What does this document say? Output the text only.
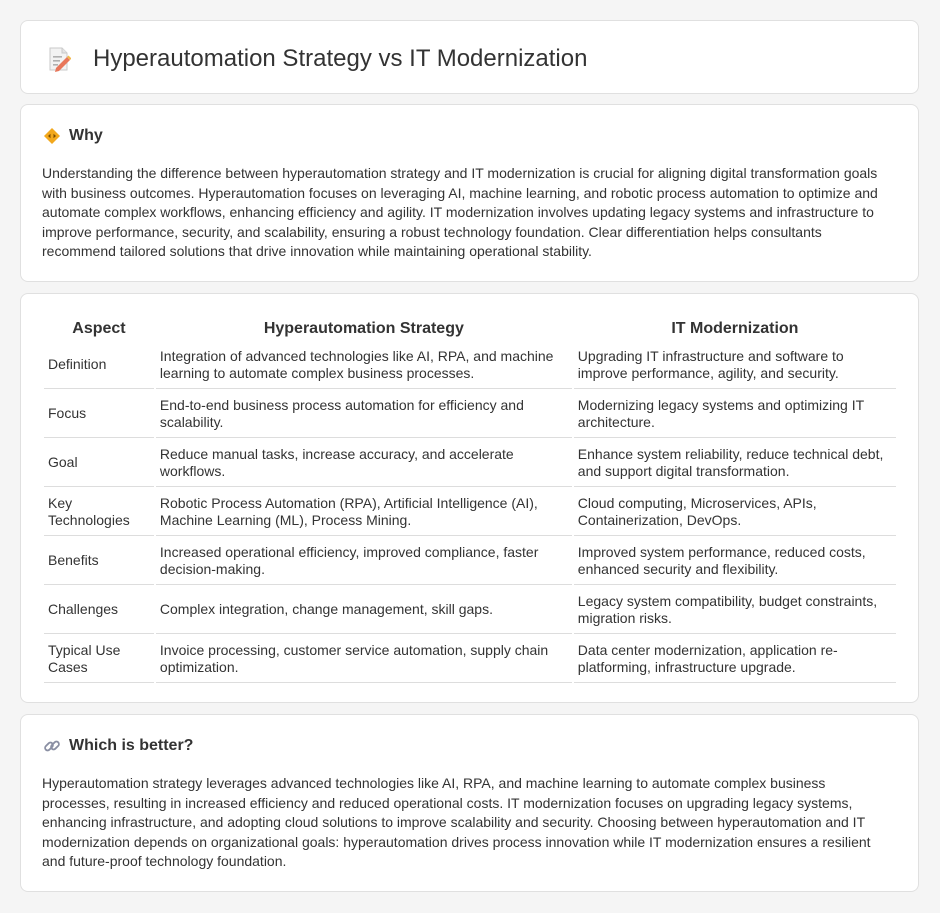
Hyperautomation Strategy vs IT Modernization
Why

Understanding the difference between hyperautomation strategy and IT modernization is crucial for aligning digital transformation goals with business outcomes. Hyperautomation focuses on leveraging AI, machine learning, and robotic process automation to optimize and automate complex workflows, enhancing efficiency and agility. IT modernization involves updating legacy systems and infrastructure to improve performance, security, and scalability, ensuring a robust technology foundation. Clear differentiation helps consultants recommend tailored solutions that drive innovation while maintaining operational stability.

Aspect	Hyperautomation Strategy	IT Modernization
Definition	Integration of advanced technologies like AI, RPA, and machine learning to automate complex business processes.	Upgrading IT infrastructure and software to improve performance, agility, and security.
Focus	End-to-end business process automation for efficiency and scalability.	Modernizing legacy systems and optimizing IT architecture.
Goal	Reduce manual tasks, increase accuracy, and accelerate workflows.	Enhance system reliability, reduce technical debt, and support digital transformation.
Key Technologies	Robotic Process Automation (RPA), Artificial Intelligence (AI), Machine Learning (ML), Process Mining.	Cloud computing, Microservices, APIs, Containerization, DevOps.
Benefits	Increased operational efficiency, improved compliance, faster decision-making.	Improved system performance, reduced costs, enhanced security and flexibility.
Challenges	Complex integration, change management, skill gaps.	Legacy system compatibility, budget constraints, migration risks.
Typical Use Cases	Invoice processing, customer service automation, supply chain optimization.	Data center modernization, application re-platforming, infrastructure upgrade.
Which is better?

Hyperautomation strategy leverages advanced technologies like AI, RPA, and machine learning to automate complex business processes, resulting in increased efficiency and reduced operational costs. IT modernization focuses on upgrading legacy systems, enhancing infrastructure, and adopting cloud solutions to improve scalability and security. Choosing between hyperautomation and IT modernization depends on organizational goals: hyperautomation drives process innovation while IT modernization ensures a resilient and future-proof technology foundation.
